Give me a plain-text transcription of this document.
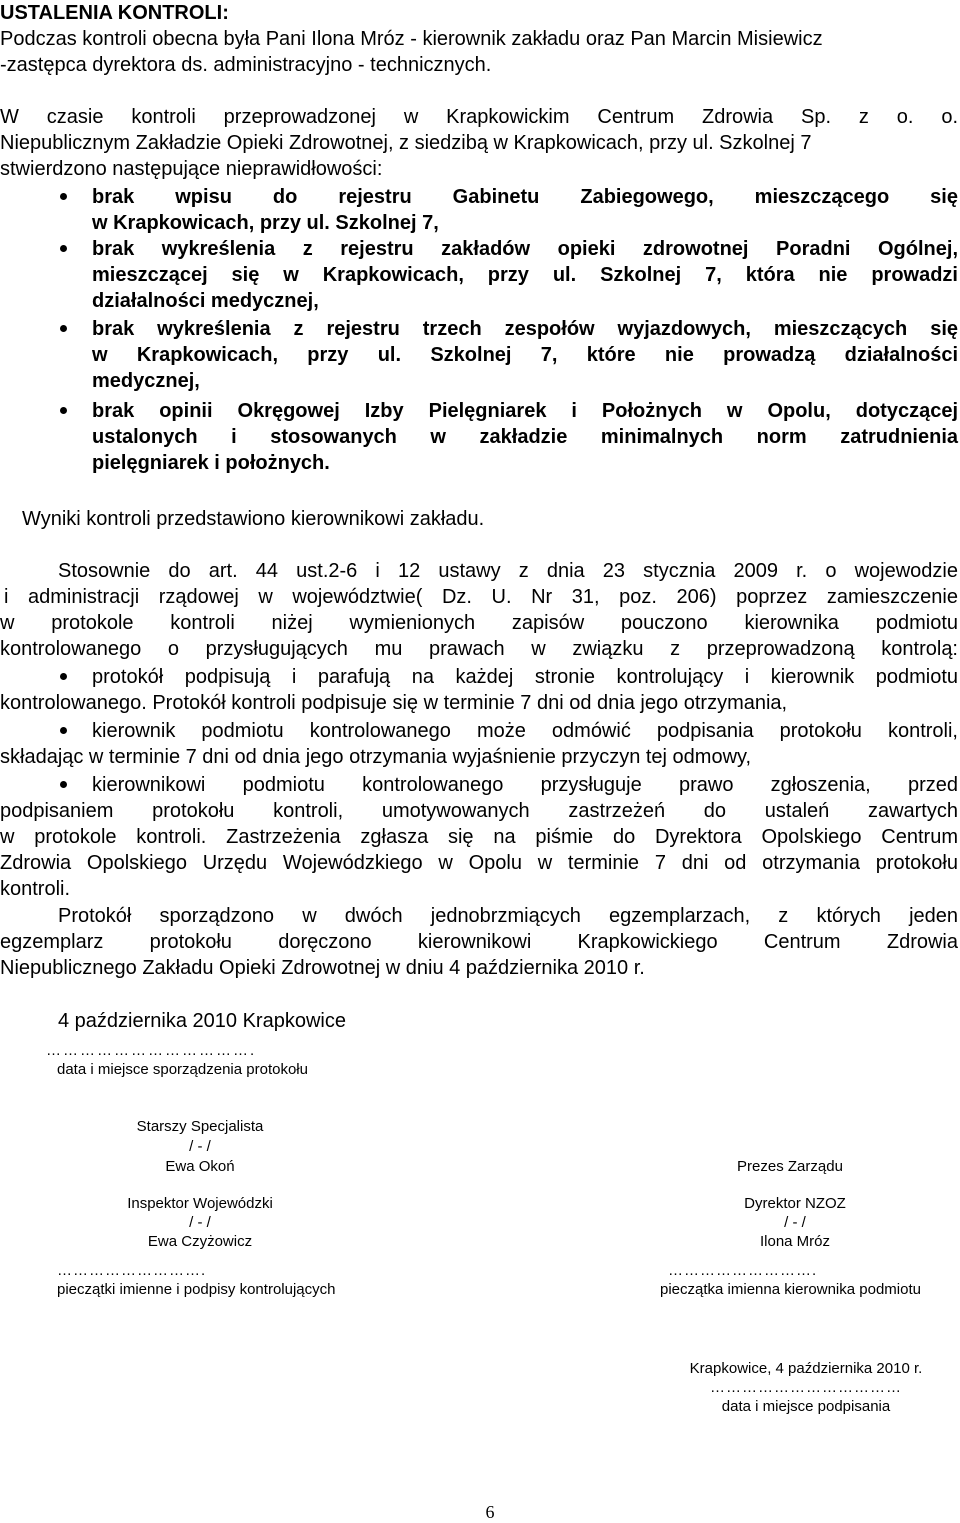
USTALENIA KONTROLI:
Podczas kontroli obecna była Pani Ilona Mróz - kierownik zakładu oraz Pan Marcin Misiewicz
-zastępca dyrektora ds. administracyjno - technicznych.
W czasie kontroli przeprowadzonej w Krapkowickim Centrum Zdrowia Sp. z o. o.
Niepublicznym Zakładzie Opieki Zdrowotnej, z siedzibą w Krapkowicach, przy ul. Szkolnej 7
stwierdzono następujące nieprawidłowości:
brak wpisu do rejestru Gabinetu Zabiegowego, mieszczącego się
w Krapkowicach, przy ul. Szkolnej 7,
brak wykreślenia z rejestru zakładów opieki zdrowotnej Poradni Ogólnej,
mieszczącej się w Krapkowicach, przy ul. Szkolnej 7, która nie prowadzi
działalności medycznej,
brak wykreślenia z rejestru trzech zespołów wyjazdowych, mieszczących się
w Krapkowicach, przy ul. Szkolnej 7, które nie prowadzą działalności
medycznej,
brak opinii Okręgowej Izby Pielęgniarek i Położnych w Opolu, dotyczącej
ustalonych i stosowanych w zakładzie minimalnych norm zatrudnienia
pielęgniarek i położnych.
Wyniki kontroli przedstawiono kierownikowi zakładu.
Stosownie do art. 44 ust.2-6 i 12 ustawy z dnia 23 stycznia 2009 r. o wojewodzie
i administracji rządowej w województwie( Dz. U. Nr 31, poz. 206) poprzez zamieszczenie
w protokole kontroli niżej wymienionych zapisów pouczono kierownika podmiotu
kontrolowanego o przysługujących mu prawach w związku z przeprowadzoną kontrolą:
protokół podpisują i parafują na każdej stronie kontrolujący i kierownik podmiotu
kontrolowanego. Protokół kontroli podpisuje się w terminie 7 dni od dnia jego otrzymania,
kierownik podmiotu kontrolowanego może odmówić podpisania protokołu kontroli,
składając w terminie 7 dni od dnia jego otrzymania wyjaśnienie przyczyn tej odmowy,
kierownikowi podmiotu kontrolowanego przysługuje prawo zgłoszenia, przed
podpisaniem protokołu kontroli, umotywowanych zastrzeżeń do ustaleń zawartych
w protokole kontroli. Zastrzeżenia zgłasza się na piśmie do Dyrektora Opolskiego Centrum
Zdrowia Opolskiego Urzędu Wojewódzkiego w Opolu w terminie 7 dni od otrzymania protokołu
kontroli.
Protokół sporządzono w dwóch jednobrzmiących egzemplarzach, z których jeden
egzemplarz protokołu doręczono kierownikowi Krapkowickiego Centrum Zdrowia
Niepublicznego Zakładu Opieki Zdrowotnej w dniu 4 października 2010 r.
4 października 2010 Krapkowice
……………………………….
data i miejsce sporządzenia protokołu
Starszy Specjalista
/ - /
Ewa Okoń
Inspektor Wojewódzki
/ - /
Ewa Czyżowicz
……………………….
pieczątki imienne i podpisy kontrolujących
Prezes Zarządu
Dyrektor NZOZ
/ - /
Ilona Mróz
……………………….
pieczątka imienna kierownika podmiotu
Krapkowice, 4 października 2010 r.
………………………………
data i miejsce podpisania
6
